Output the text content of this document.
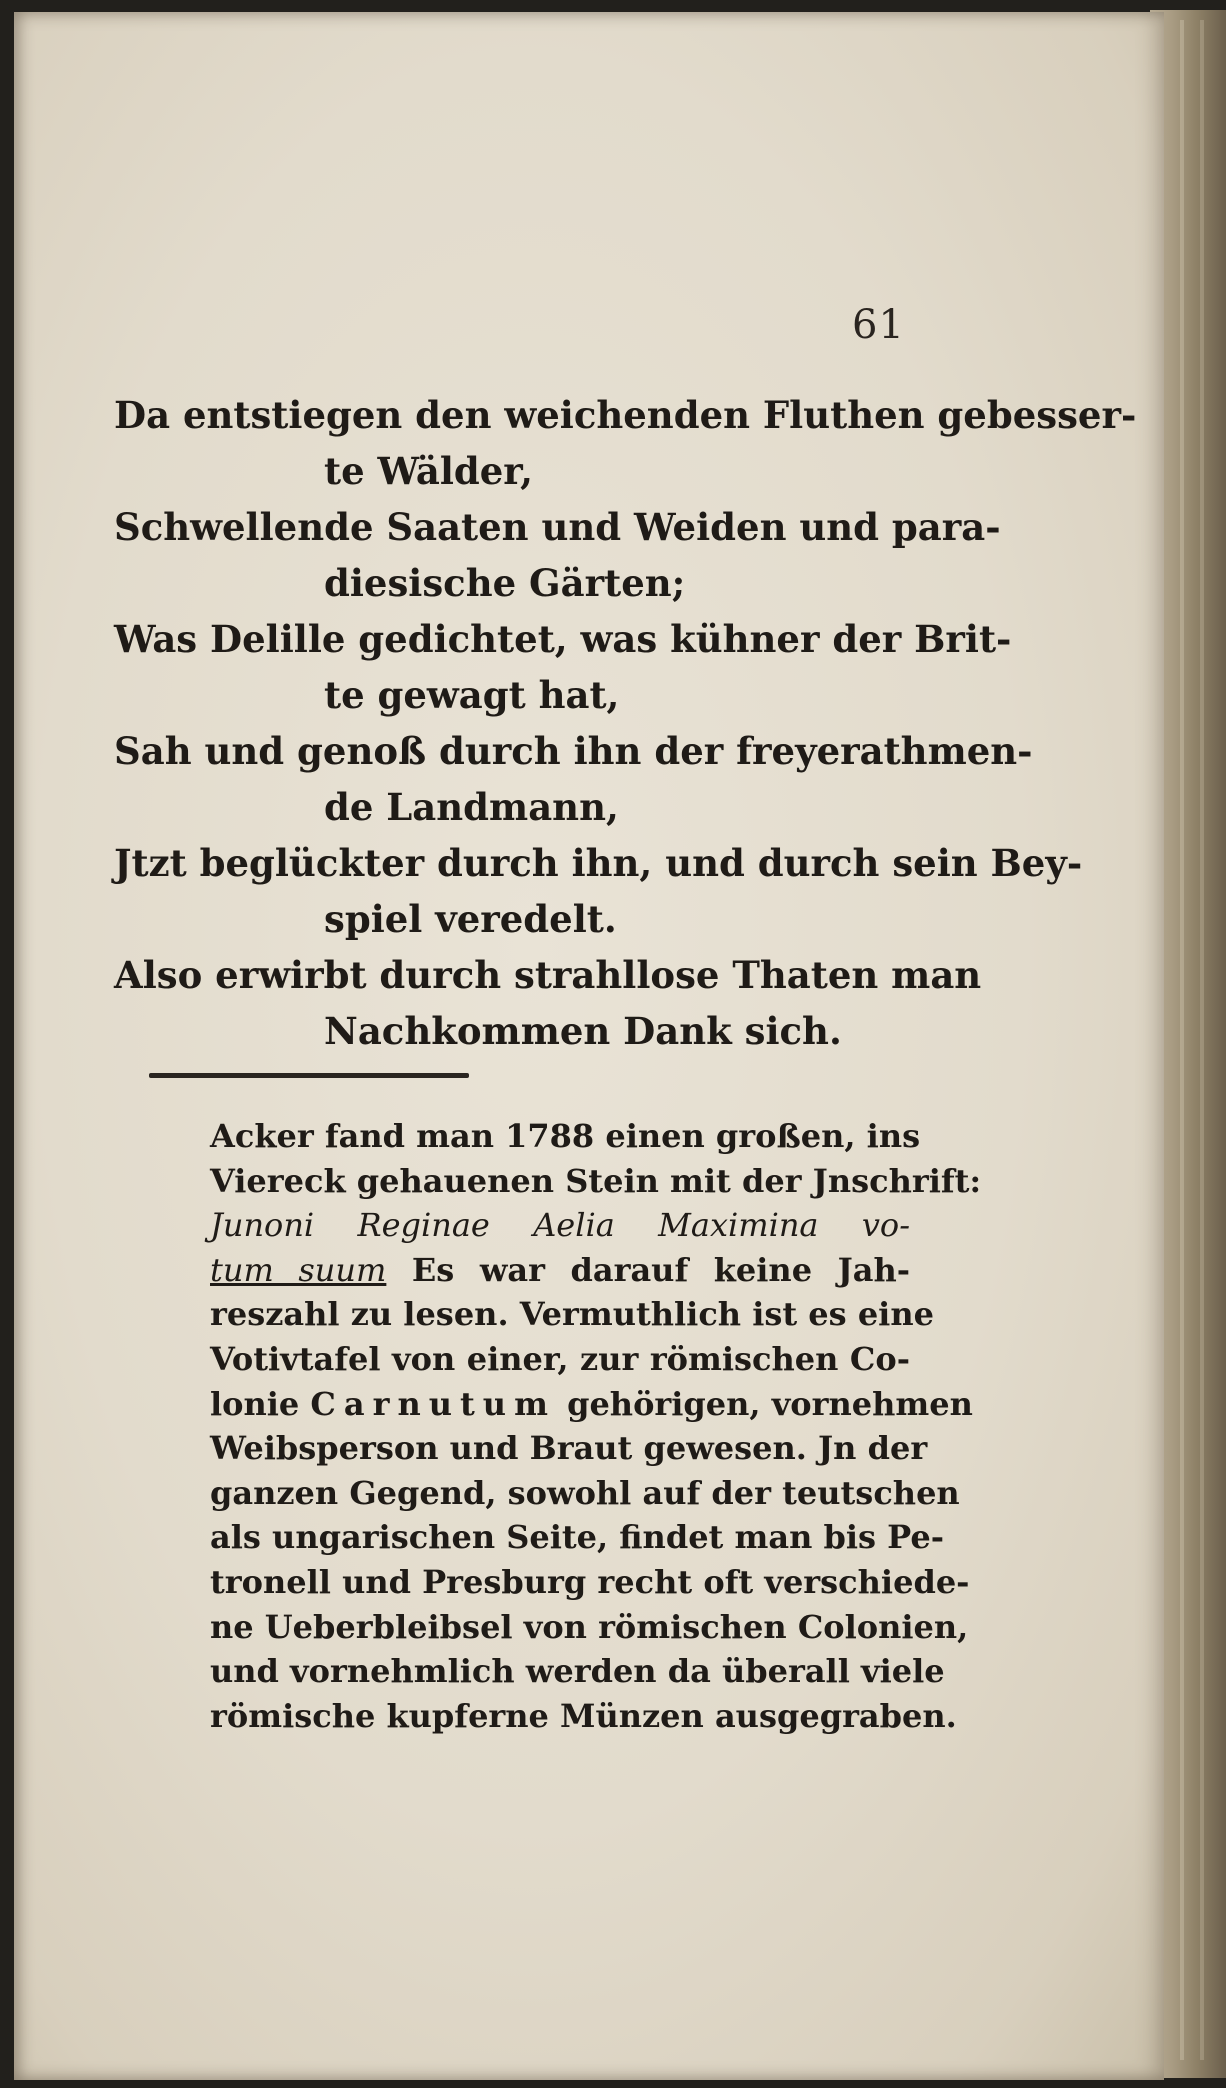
61
Da entstiegen den weichenden Fluthen gebesser-
te Wälder,
Schwellende Saaten und Weiden und para-
diesische Gärten;
Was Delille gedichtet, was kühner der Brit-
te gewagt hat,
Sah und genoß durch ihn der freyerathmen-
de Landmann,
Jtzt beglückter durch ihn, und durch sein Bey-
spiel veredelt.
Also erwirbt durch strahllose Thaten man
Nachkommen Dank sich.
Acker fand man 1788 einen großen, ins
Viereck gehauenen Stein mit der Jnschrift:
Junoni Reginae Aelia Maximina vo-
tum suum Es war darauf keine Jah-
reszahl zu lesen. Vermuthlich ist es eine
Votivtafel von einer, zur römischen Co-
lonie Carnutum gehörigen, vornehmen
Weibsperson und Braut gewesen. Jn der
ganzen Gegend, sowohl auf der teutschen
als ungarischen Seite, findet man bis Pe-
tronell und Presburg recht oft verschiede-
ne Ueberbleibsel von römischen Colonien,
und vornehmlich werden da überall viele
römische kupferne Münzen ausgegraben.
